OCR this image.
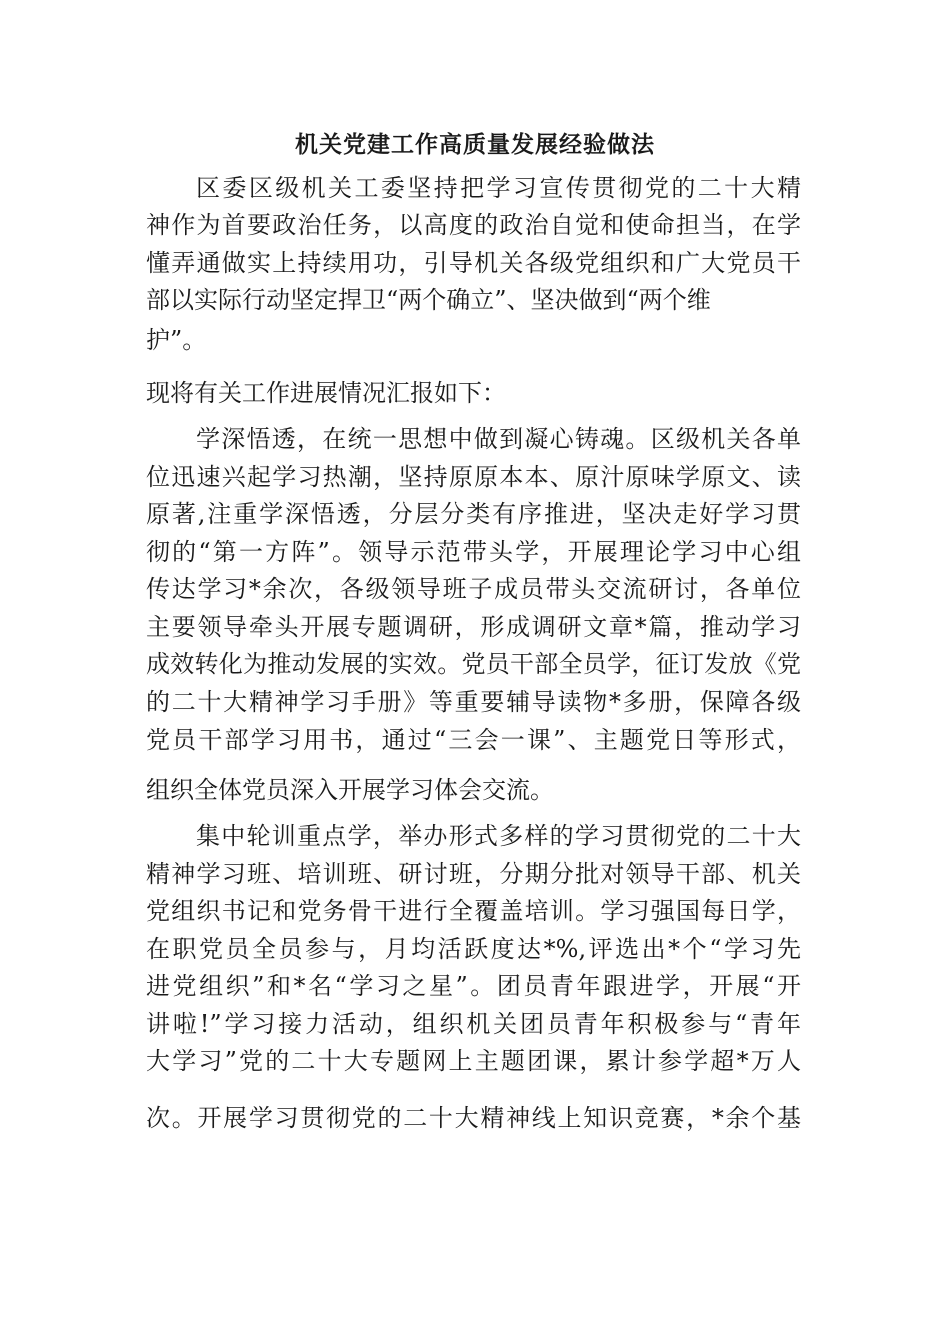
机关党建工作高质量发展经验做法
区委区级机关工委坚持把学习宣传贯彻党的二十大精
神作为首要政治任务，以高度的政治自觉和使命担当，在学
懂弄通做实上持续用功，引导机关各级党组织和广大党员干
部以实际行动坚定捍卫“两个确立”、坚决做到“两个维
护”。
现将有关工作进展情况汇报如下：
学深悟透，在统一思想中做到凝心铸魂。区级机关各单
位迅速兴起学习热潮，坚持原原本本、原汁原味学原文、读
原著,注重学深悟透，分层分类有序推进，坚决走好学习贯
彻的“第一方阵”。领导示范带头学，开展理论学习中心组
传达学习*余次，各级领导班子成员带头交流研讨，各单位
主要领导牵头开展专题调研，形成调研文章*篇，推动学习
成效转化为推动发展的实效。党员干部全员学，征订发放《党
的二十大精神学习手册》等重要辅导读物*多册，保障各级
党员干部学习用书，通过“三会一课”、主题党日等形式，
组织全体党员深入开展学习体会交流。
集中轮训重点学，举办形式多样的学习贯彻党的二十大
精神学习班、培训班、研讨班，分期分批对领导干部、机关
党组织书记和党务骨干进行全覆盖培训。学习强国每日学，
在职党员全员参与，月均活跃度达*%,评选出*个“学习先
进党组织”和*名“学习之星”。团员青年跟进学，开展“开
讲啦!”学习接力活动，组织机关团员青年积极参与“青年
大学习”党的二十大专题网上主题团课，累计参学超*万人
次。开展学习贯彻党的二十大精神线上知识竞赛，*余个基
